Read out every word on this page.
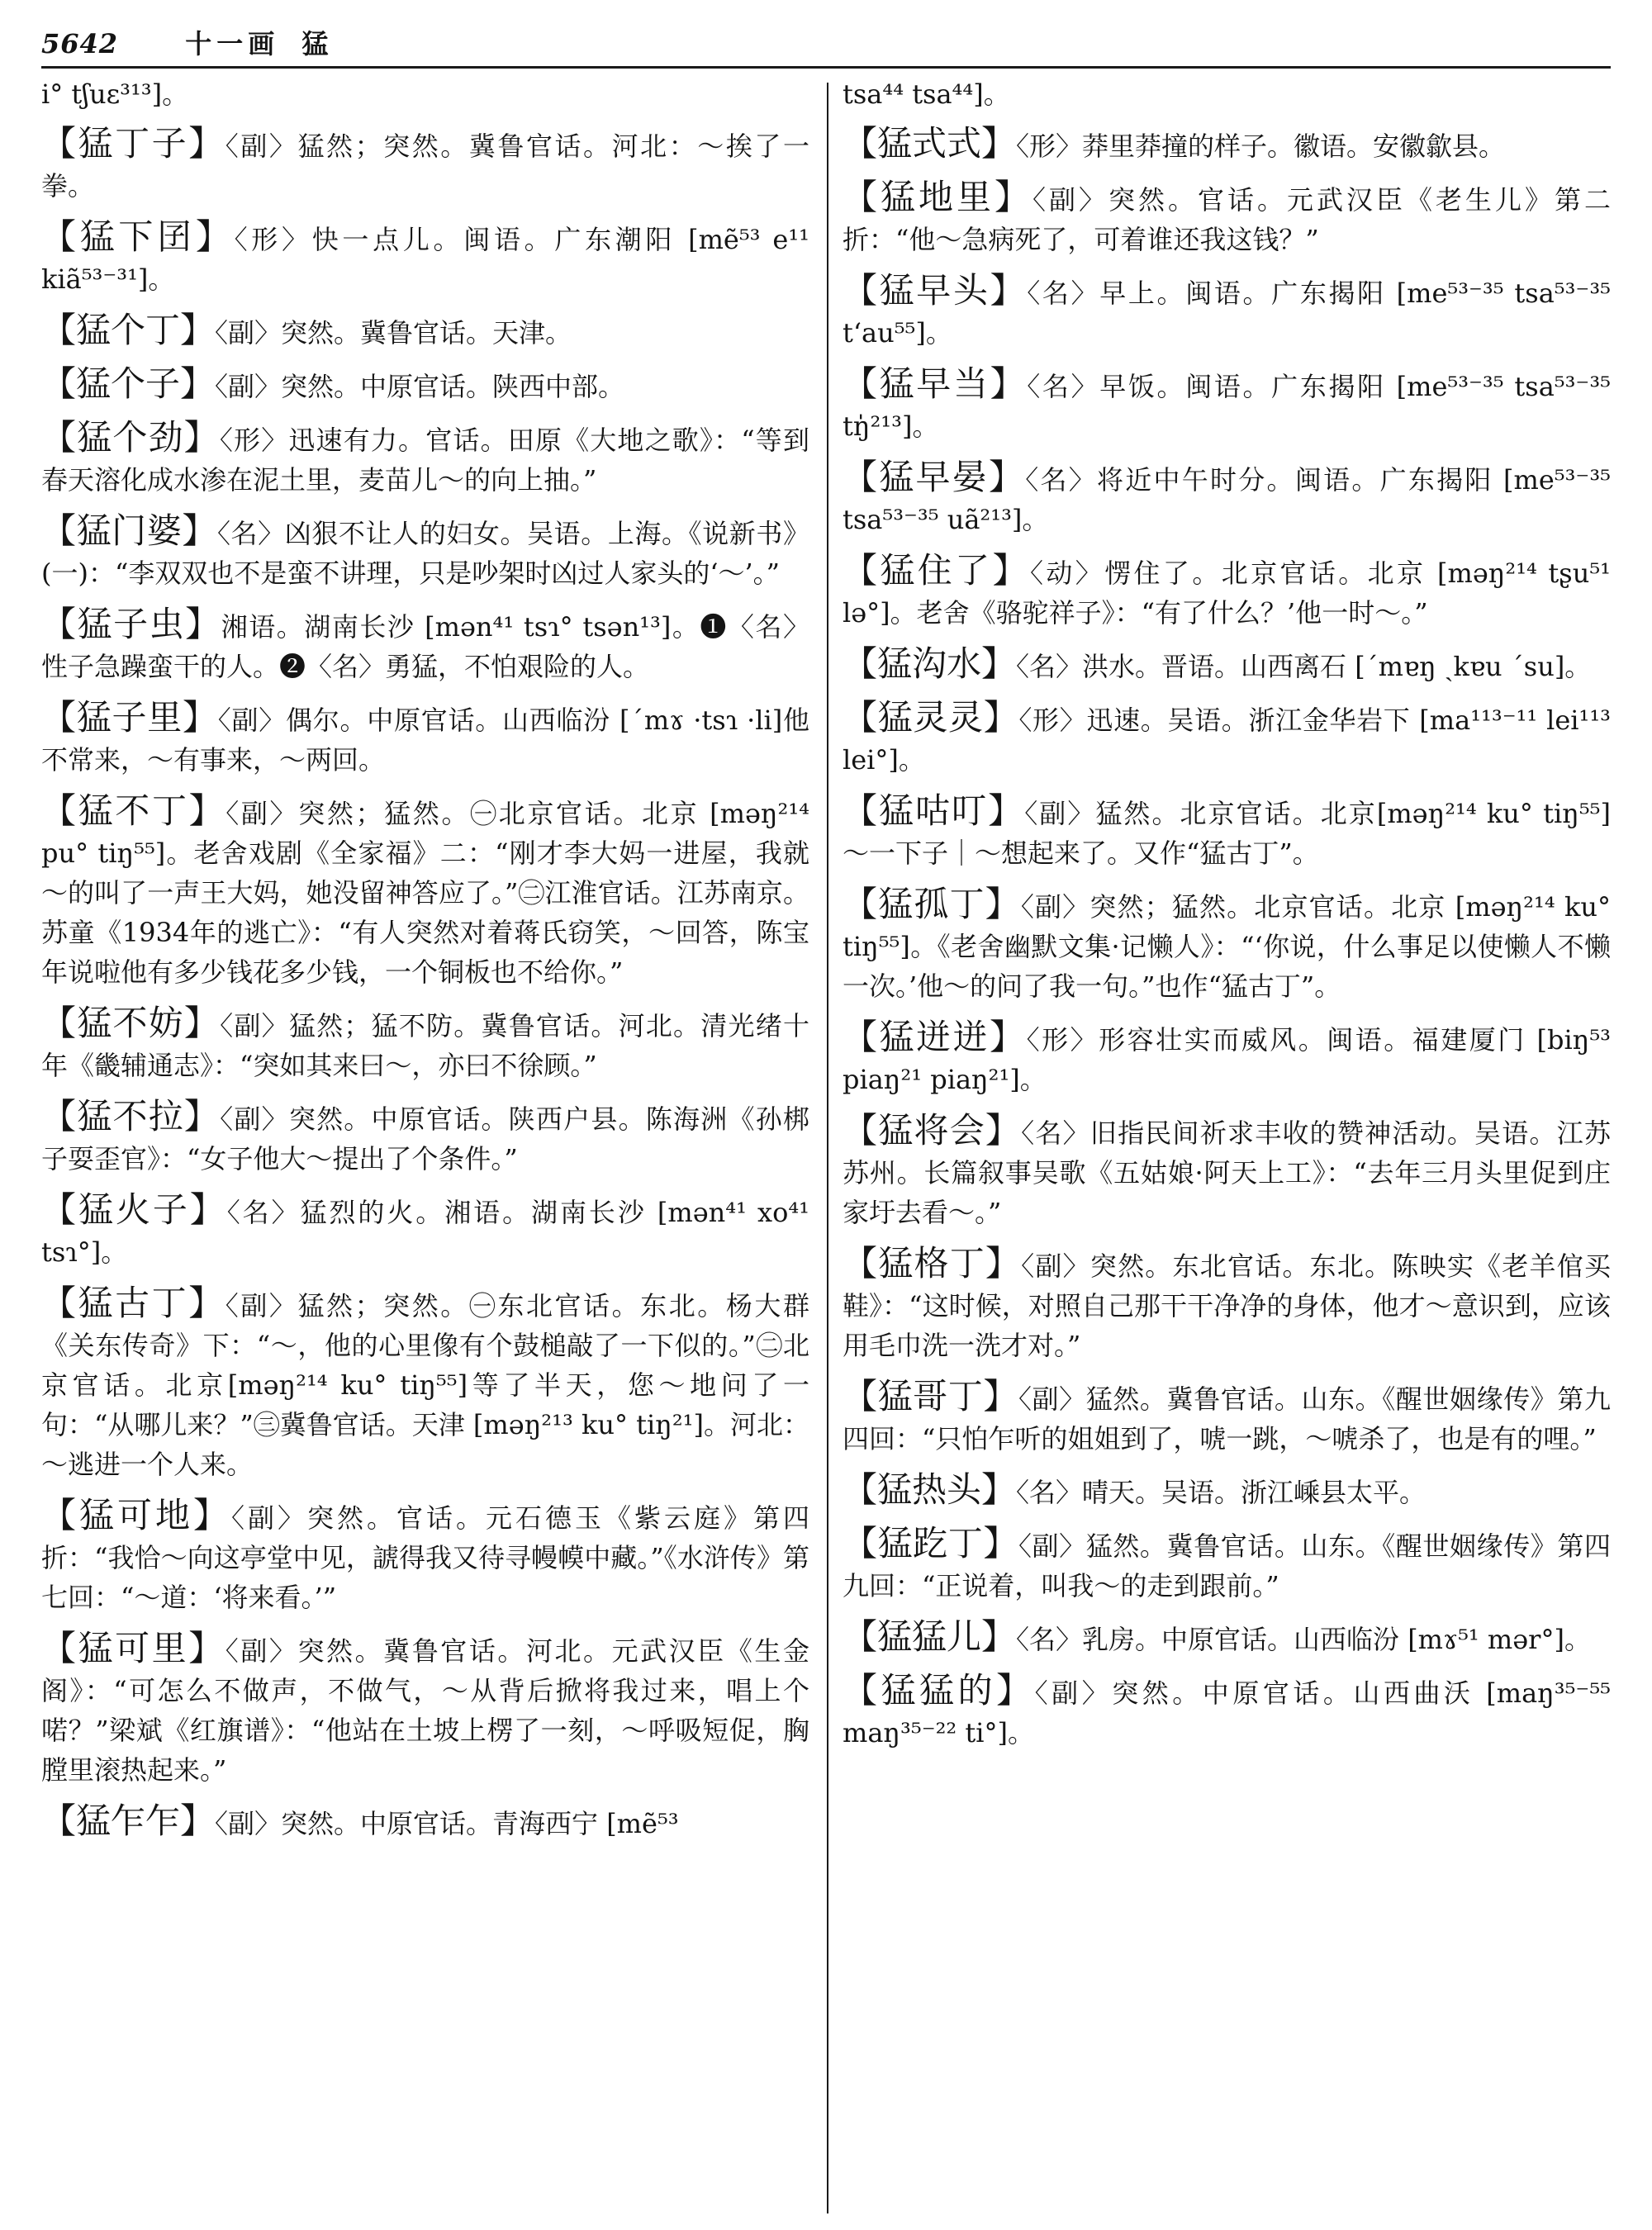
5642	十一画 猛
i° tʃuɛ³¹³]。
【猛丁子】〈副〉猛然；突然。冀鲁官话。河北：～挨了一拳。
【猛下囝】〈形〉快一点儿。闽语。广东潮阳 [mẽ⁵³ e¹¹ kiã⁵³⁻³¹]。
【猛个丁】〈副〉突然。冀鲁官话。天津。
【猛个子】〈副〉突然。中原官话。陕西中部。
【猛个劲】〈形〉迅速有力。官话。田原《大地之歌》：“等到春天溶化成水渗在泥土里，麦苗儿～的向上抽。”
【猛门婆】〈名〉凶狠不让人的妇女。吴语。上海。《说新书》(一)：“李双双也不是蛮不讲理，只是吵架时凶过人家头的‘～’。”
【猛子虫】湘语。湖南长沙 [mən⁴¹ tsɿ° tsən¹³]。❶〈名〉性子急躁蛮干的人。❷〈名〉勇猛，不怕艰险的人。
【猛子里】〈副〉偶尔。中原官话。山西临汾 [ˊmɤ ·tsɿ ·li]他不常来，～有事来，～两回。
【猛不丁】〈副〉突然；猛然。㊀北京官话。北京 [məŋ²¹⁴ pu° tiŋ⁵⁵]。老舍戏剧《全家福》二：“刚才李大妈一进屋，我就～的叫了一声王大妈，她没留神答应了。”㊁江淮官话。江苏南京。苏童《1934年的逃亡》：“有人突然对着蒋氏窃笑，～回答，陈宝年说啦他有多少钱花多少钱，一个铜板也不给你。”
【猛不妨】〈副〉猛然；猛不防。冀鲁官话。河北。清光绪十年《畿辅通志》：“突如其来曰～，亦曰不徐顾。”
【猛不拉】〈副〉突然。中原官话。陕西户县。陈海洲《孙梆子耍歪官》：“女子他大～提出了个条件。”
【猛火子】〈名〉猛烈的火。湘语。湖南长沙 [mən⁴¹ xo⁴¹ tsɿ°]。
【猛古丁】〈副〉猛然；突然。㊀东北官话。东北。杨大群《关东传奇》下：“～，他的心里像有个鼓槌敲了一下似的。”㊁北京官话。北京[məŋ²¹⁴ ku° tiŋ⁵⁵]等了半天，您～地问了一句：“从哪儿来？”㊂冀鲁官话。天津 [məŋ²¹³ ku° tiŋ²¹]。河北：～逃进一个人来。
【猛可地】〈副〉突然。官话。元石德玉《紫云庭》第四折：“我恰～向这亭堂中见，諕得我又待寻幔幙中藏。”《水浒传》第七回：“～道：‘将来看。’”
【猛可里】〈副〉突然。冀鲁官话。河北。元武汉臣《生金阁》：“可怎么不做声，不做气，～从背后掀将我过来，唱上个喏？”梁斌《红旗谱》：“他站在土坡上楞了一刻，～呼吸短促，胸膛里滚热起来。”
【猛乍乍】〈副〉突然。中原官话。青海西宁 [mẽ⁵³
tsa⁴⁴ tsa⁴⁴]。
【猛式式】〈形〉莽里莽撞的样子。徽语。安徽歙县。
【猛地里】〈副〉突然。官话。元武汉臣《老生儿》第二折：“他～急病死了，可着谁还我这钱？”
【猛早头】〈名〉早上。闽语。广东揭阳 [me⁵³⁻³⁵ tsa⁵³⁻³⁵ tʻau⁵⁵]。
【猛早当】〈名〉早饭。闽语。广东揭阳 [me⁵³⁻³⁵ tsa⁵³⁻³⁵ tŋ̍²¹³]。
【猛早晏】〈名〉将近中午时分。闽语。广东揭阳 [me⁵³⁻³⁵ tsa⁵³⁻³⁵ uã²¹³]。
【猛住了】〈动〉愣住了。北京官话。北京 [məŋ²¹⁴ tʂu⁵¹ lə°]。老舍《骆驼祥子》：“有了什么？’他一时～。”
【猛沟水】〈名〉洪水。晋语。山西离石 [ˊmɐŋ ˏkɐu ˊsu]。
【猛灵灵】〈形〉迅速。吴语。浙江金华岩下 [ma¹¹³⁻¹¹ lei¹¹³ lei°]。
【猛咕叮】〈副〉猛然。北京官话。北京[məŋ²¹⁴ ku° tiŋ⁵⁵] ～一下子｜～想起来了。又作“猛古丁”。
【猛孤丁】〈副〉突然；猛然。北京官话。北京 [məŋ²¹⁴ ku° tiŋ⁵⁵]。《老舍幽默文集·记懒人》：“‘你说，什么事足以使懒人不懒一次。’他～的问了我一句。”也作“猛古丁”。
【猛迸迸】〈形〉形容壮实而威风。闽语。福建厦门 [biŋ⁵³ piaŋ²¹ piaŋ²¹]。
【猛将会】〈名〉旧指民间祈求丰收的赞神活动。吴语。江苏苏州。长篇叙事吴歌《五姑娘·阿天上工》：“去年三月头里促到庄家圩去看～。”
【猛格丁】〈副〉突然。东北官话。东北。陈映实《老羊倌买鞋》：“这时候，对照自己那干干净净的身体，他才～意识到，应该用毛巾洗一洗才对。”
【猛哥丁】〈副〉猛然。冀鲁官话。山东。《醒世姻缘传》第九四回：“只怕乍听的姐姐到了，唬一跳，～唬杀了，也是有的哩。”
【猛热头】〈名〉晴天。吴语。浙江嵊县太平。
【猛趷丁】〈副〉猛然。冀鲁官话。山东。《醒世姻缘传》第四九回：“正说着，叫我～的走到跟前。”
【猛猛儿】〈名〉乳房。中原官话。山西临汾 [mɤ⁵¹ mər°]。
【猛猛的】〈副〉突然。中原官话。山西曲沃 [maŋ³⁵⁻⁵⁵ maŋ³⁵⁻²² ti°]。
